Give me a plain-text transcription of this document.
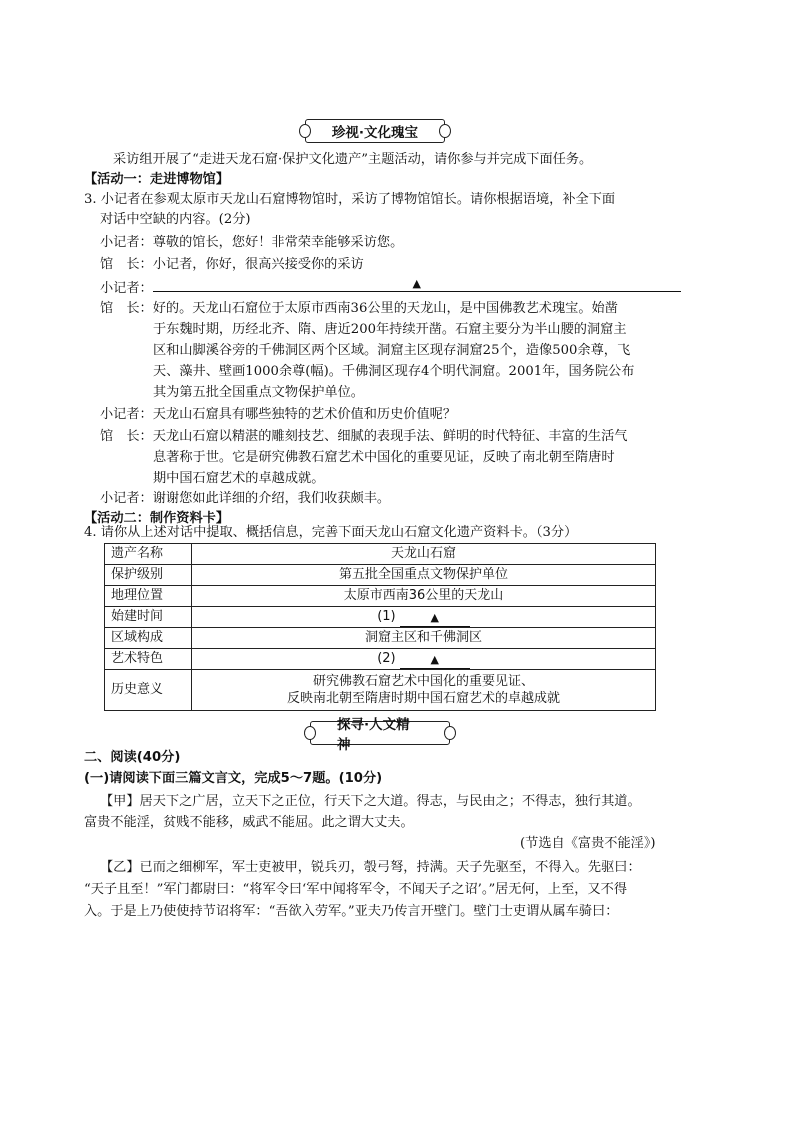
珍视·文化瑰宝
采访组开展了“走进天龙石窟·保护文化遗产”主题活动，请你参与并完成下面任务。
【活动一：走进博物馆】
3. 小记者在参观太原市天龙山石窟博物馆时，采访了博物馆馆长。请你根据语境，补全下面
对话中空缺的内容。(2分)
小记者：尊敬的馆长，您好！非常荣幸能够采访您。
馆　长：小记者，你好，很高兴接受你的采访
小记者：	▲
馆　长：好的。天龙山石窟位于太原市西南36公里的天龙山，是中国佛教艺术瑰宝。始凿
于东魏时期，历经北齐、隋、唐近200年持续开凿。石窟主要分为半山腰的洞窟主
区和山脚溪谷旁的千佛洞区两个区域。洞窟主区现存洞窟25个，造像500余尊，飞
天、藻井、壁画1000余尊(幅)。千佛洞区现存4个明代洞窟。2001年，国务院公布
其为第五批全国重点文物保护单位。
小记者：天龙山石窟具有哪些独特的艺术价值和历史价值呢？
馆　长：天龙山石窟以精湛的雕刻技艺、细腻的表现手法、鲜明的时代特征、丰富的生活气
息著称于世。它是研究佛教石窟艺术中国化的重要见证，反映了南北朝至隋唐时
期中国石窟艺术的卓越成就。
小记者：谢谢您如此详细的介绍，我们收获颇丰。
【活动二：制作资料卡】
4. 请你从上述对话中提取、概括信息，完善下面天龙山石窟文化遗产资料卡。（3分）
遗产名称	天龙山石窟
保护级别	第五批全国重点文物保护单位
地理位置	太原市西南36公里的天龙山
始建时间	(1) ▲

区域构成	洞窟主区和千佛洞区
艺术特色	(2) ▲

历史意义	研究佛教石窟艺术中国化的重要见证、
反映南北朝至隋唐时期中国石窟艺术的卓越成就
探寻·人文精神
二、阅读(40分)
(一)请阅读下面三篇文言文，完成5～7题。(10分)
【甲】居天下之广居，立天下之正位，行天下之大道。得志，与民由之；不得志，独行其道。
富贵不能淫，贫贱不能移，威武不能屈。此之谓大丈夫。
(节选自《富贵不能淫》)
【乙】已而之细柳军，军士吏被甲，锐兵刃，彀弓弩，持满。天子先驱至，不得入。先驱曰：
“天子且至！”军门都尉曰：“将军令曰‘军中闻将军令，不闻天子之诏’。”居无何，上至，又不得
入。于是上乃使使持节诏将军：“吾欲入劳军。”亚夫乃传言开壁门。壁门士吏谓从属车骑曰：
